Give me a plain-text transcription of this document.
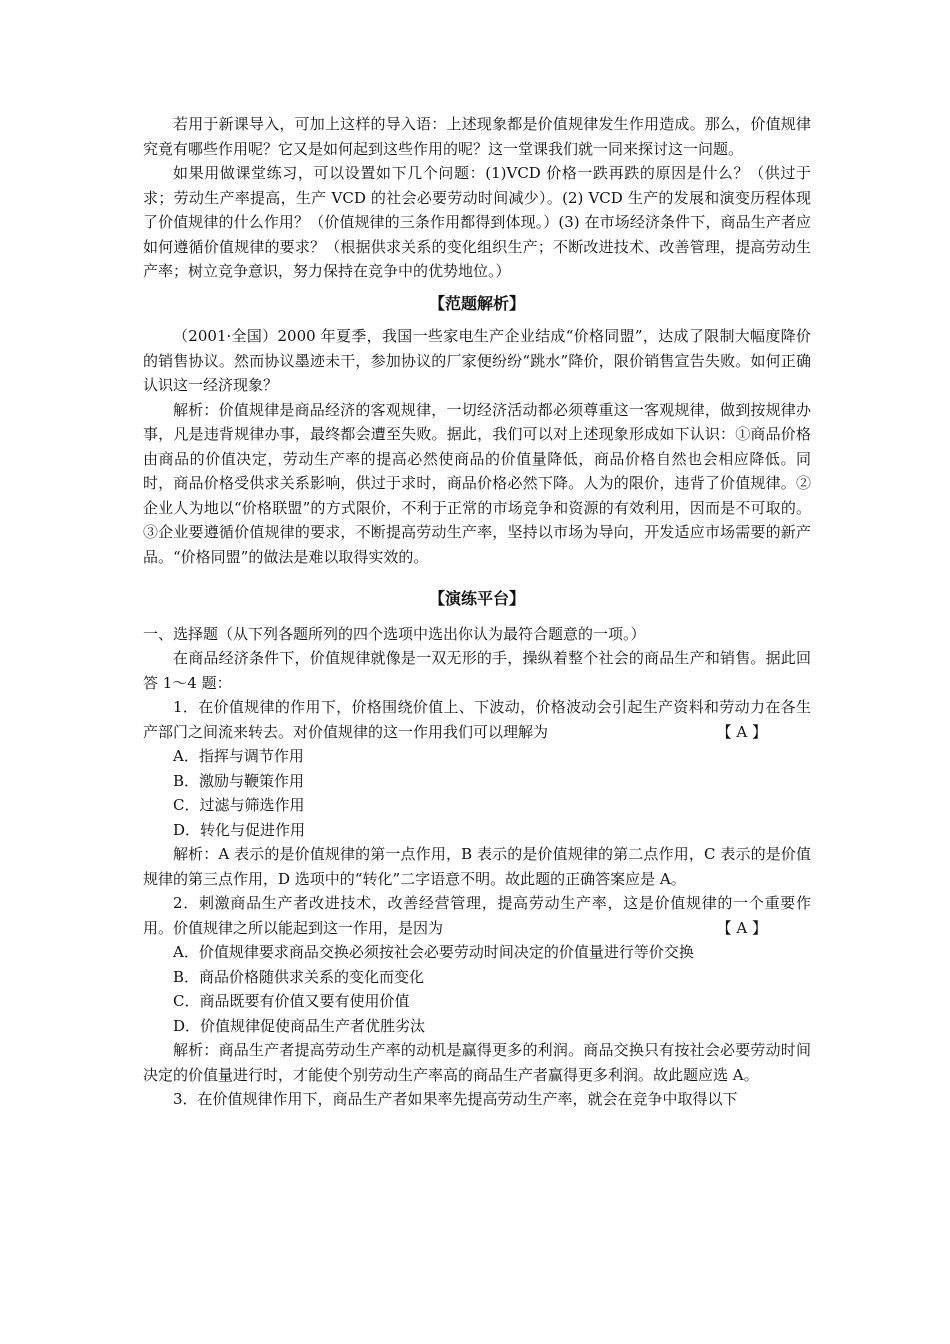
若用于新课导入，可加上这样的导入语：上述现象都是价值规律发生作用造成。那么，价值规律究竟有哪些作用呢？它又是如何起到这些作用的呢？这一堂课我们就一同来探讨这一问题。

如果用做课堂练习，可以设置如下几个问题：(1)VCD 价格一跌再跌的原因是什么？（供过于求；劳动生产率提高，生产 VCD 的社会必要劳动时间减少）。(2) VCD 生产的发展和演变历程体现了价值规律的什么作用？（价值规律的三条作用都得到体现。）(3) 在市场经济条件下，商品生产者应如何遵循价值规律的要求？（根据供求关系的变化组织生产；不断改进技术、改善管理，提高劳动生产率；树立竞争意识，努力保持在竞争中的优势地位。）

【范题解析】

（2001·全国）2000 年夏季，我国一些家电生产企业结成“价格同盟”，达成了限制大幅度降价的销售协议。然而协议墨迹未干，参加协议的厂家便纷纷“跳水”降价，限价销售宣告失败。如何正确认识这一经济现象？

解析：价值规律是商品经济的客观规律，一切经济活动都必须尊重这一客观规律，做到按规律办事，凡是违背规律办事，最终都会遭至失败。据此，我们可以对上述现象形成如下认识：①商品价格由商品的价值决定，劳动生产率的提高必然使商品的价值量降低，商品价格自然也会相应降低。同时，商品价格受供求关系影响，供过于求时，商品价格必然下降。人为的限价，违背了价值规律。②企业人为地以“价格联盟”的方式限价，不利于正常的市场竞争和资源的有效利用，因而是不可取的。③企业要遵循价值规律的要求，不断提高劳动生产率，坚持以市场为导向，开发适应市场需要的新产品。“价格同盟”的做法是难以取得实效的。

【演练平台】

一、选择题（从下列各题所列的四个选项中选出你认为最符合题意的一项。）

在商品经济条件下，价值规律就像是一双无形的手，操纵着整个社会的商品生产和销售。据此回答 1～4 题：

1．在价值规律的作用下，价格围绕价值上、下波动，价格波动会引起生产资料和劳动力在各生产部门之间流来转去。对价值规律的这一作用我们可以理解为	【 A 】

A．指挥与调节作用

B．激励与鞭策作用

C．过滤与筛选作用

D．转化与促进作用

解析：A 表示的是价值规律的第一点作用，B 表示的是价值规律的第二点作用，C 表示的是价值规律的第三点作用，D 选项中的“转化”二字语意不明。故此题的正确答案应是 A。

2．刺激商品生产者改进技术，改善经营管理，提高劳动生产率，这是价值规律的一个重要作用。价值规律之所以能起到这一作用，是因为	【 A 】

A．价值规律要求商品交换必须按社会必要劳动时间决定的价值量进行等价交换

B．商品价格随供求关系的变化而变化

C．商品既要有价值又要有使用价值

D．价值规律促使商品生产者优胜劣汰

解析：商品生产者提高劳动生产率的动机是赢得更多的利润。商品交换只有按社会必要劳动时间决定的价值量进行时，才能使个别劳动生产率高的商品生产者赢得更多利润。故此题应选 A。

3．在价值规律作用下，商品生产者如果率先提高劳动生产率，就会在竞争中取得以下
